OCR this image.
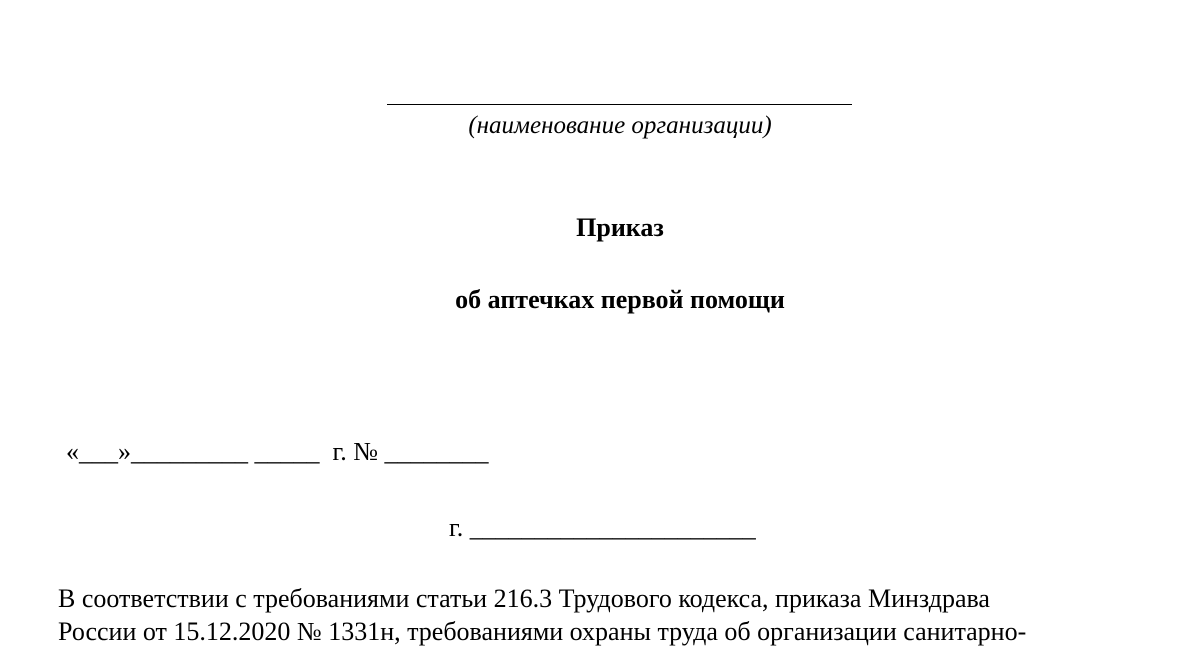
(наименование организации)
Приказ
об аптечках первой помощи
«___»_________ _____  г. № ________
г. ______________________
В соответствии с требованиями статьи 216.3 Трудового кодекса, приказа Минздрава
России от 15.12.2020 № 1331н, требованиями охраны труда об организации санитарно-
